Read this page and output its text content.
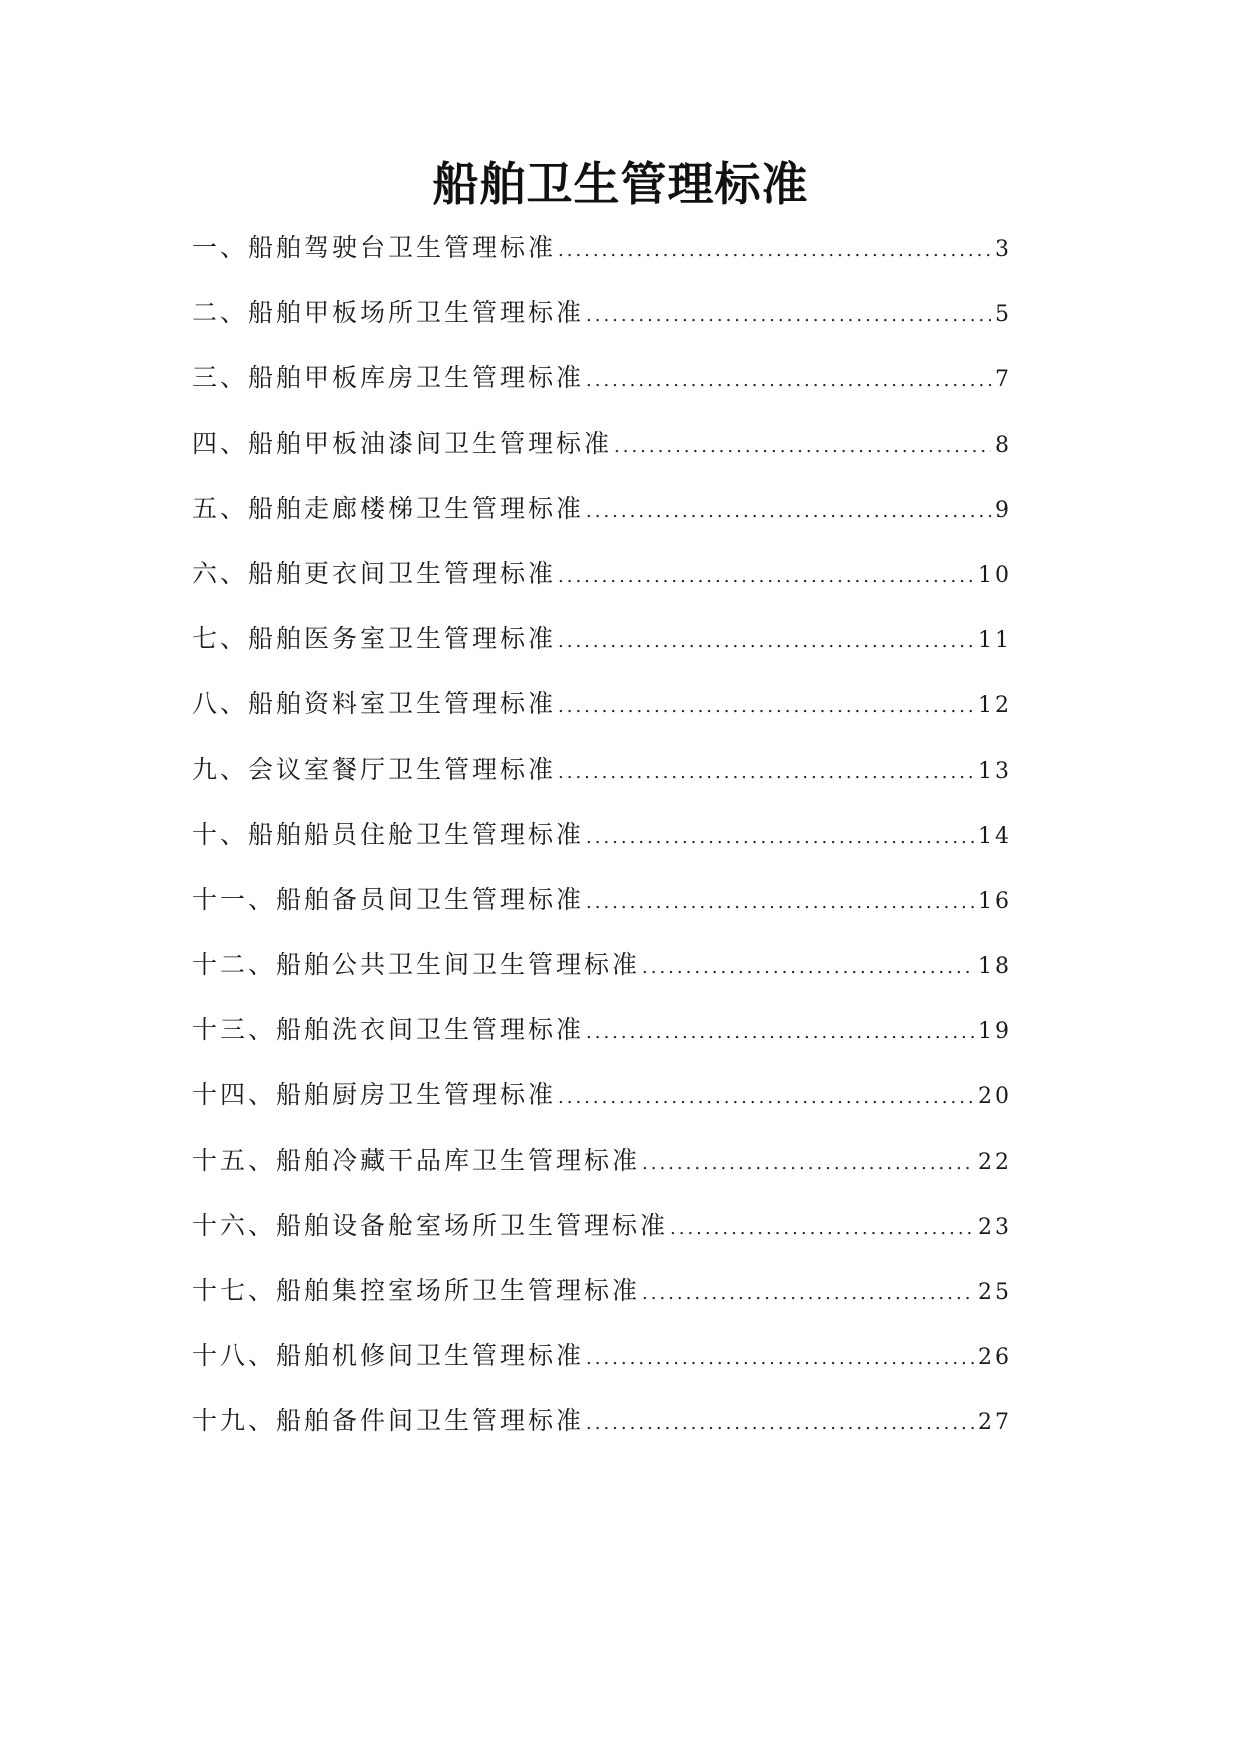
船舶卫生管理标准
一、船舶驾驶台卫生管理标准 .....	3
二、船舶甲板场所卫生管理标准 .....	5
三、船舶甲板库房卫生管理标准 .....	7
四、船舶甲板油漆间卫生管理标准 .....	8
五、船舶走廊楼梯卫生管理标准 .....	9
六、船舶更衣间卫生管理标准 .....	10
七、船舶医务室卫生管理标准 .....	11
八、船舶资料室卫生管理标准 .....	12
九、会议室餐厅卫生管理标准 .....	13
十、船舶船员住舱卫生管理标准 .....	14
十一、船舶备员间卫生管理标准 .....	16
十二、船舶公共卫生间卫生管理标准 .....	18
十三、船舶洗衣间卫生管理标准 .....	19
十四、船舶厨房卫生管理标准 .....	20
十五、船舶冷藏干品库卫生管理标准 .....	22
十六、船舶设备舱室场所卫生管理标准 .....	23
十七、船舶集控室场所卫生管理标准 .....	25
十八、船舶机修间卫生管理标准 .....	26
十九、船舶备件间卫生管理标准 .....	27
